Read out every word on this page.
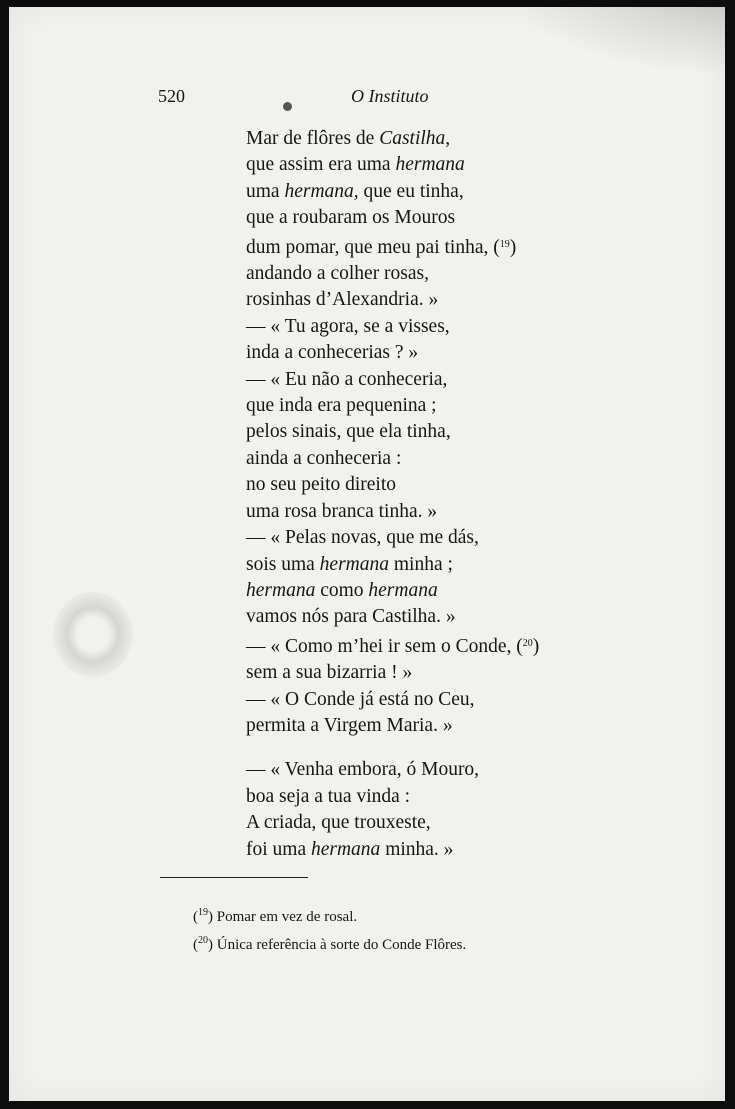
520	O Instituto
Mar de flôres de Castilha,
que assim era uma hermana
uma hermana, que eu tinha,
que a roubaram os Mouros
dum pomar, que meu pai tinha, ($^{19}$)
andando a colher rosas,
rosinhas d’Alexandria. »
— « Tu agora, se a visses,
inda a conhecerias ? »
— « Eu não a conheceria,
que inda era pequenina ;
pelos sinais, que ela tinha,
ainda a conheceria :
no seu peito direito
uma rosa branca tinha. »
— « Pelas novas, que me dás,
sois uma hermana minha ;
hermana como hermana
vamos nós para Castilha. »
— « Como m’hei ir sem o Conde, ($^{20}$)
sem a sua bizarria ! »
— « O Conde já está no Ceu,
permita a Virgem Maria. »
— « Venha embora, ó Mouro,
boa seja a tua vinda :
A criada, que trouxeste,
foi uma hermana minha. »
($^{19}$) Pomar em vez de rosal.
($^{20}$) Única referência à sorte do Conde Flôres.
